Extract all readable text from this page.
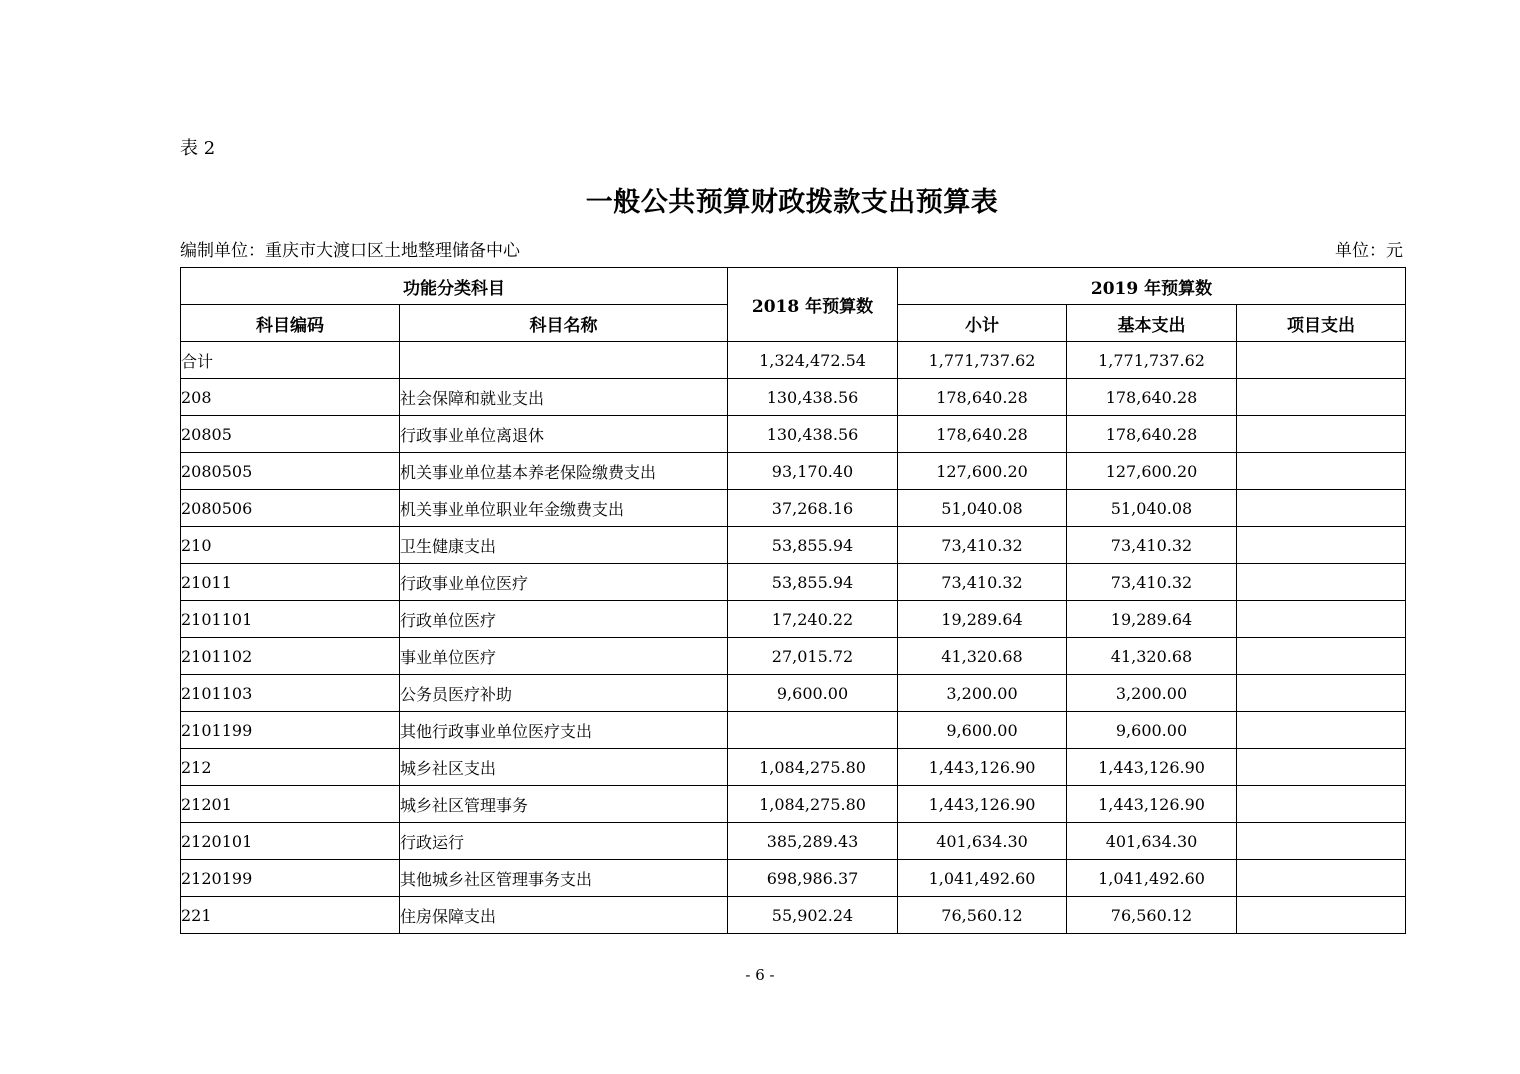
表 2
一般公共预算财政拨款支出预算表
编制单位：重庆市大渡口区土地整理储备中心	单位：元
功能分类科目		2018 年预算数	2019 年预算数		
科目编码	科目名称		小计	基本支出	项目支出
合计		1,324,472.54	1,771,737.62	1,771,737.62	
208	社会保障和就业支出	130,438.56	178,640.28	178,640.28	
20805	行政事业单位离退休	130,438.56	178,640.28	178,640.28	
2080505	机关事业单位基本养老保险缴费支出	93,170.40	127,600.20	127,600.20	
2080506	机关事业单位职业年金缴费支出	37,268.16	51,040.08	51,040.08	
210	卫生健康支出	53,855.94	73,410.32	73,410.32	
21011	行政事业单位医疗	53,855.94	73,410.32	73,410.32	
2101101	行政单位医疗	17,240.22	19,289.64	19,289.64	
2101102	事业单位医疗	27,015.72	41,320.68	41,320.68	
2101103	公务员医疗补助	9,600.00	3,200.00	3,200.00	
2101199	其他行政事业单位医疗支出		9,600.00	9,600.00	
212	城乡社区支出	1,084,275.80	1,443,126.90	1,443,126.90	
21201	城乡社区管理事务	1,084,275.80	1,443,126.90	1,443,126.90	
2120101	行政运行	385,289.43	401,634.30	401,634.30	
2120199	其他城乡社区管理事务支出	698,986.37	1,041,492.60	1,041,492.60	
221	住房保障支出	55,902.24	76,560.12	76,560.12	
- 6 -
